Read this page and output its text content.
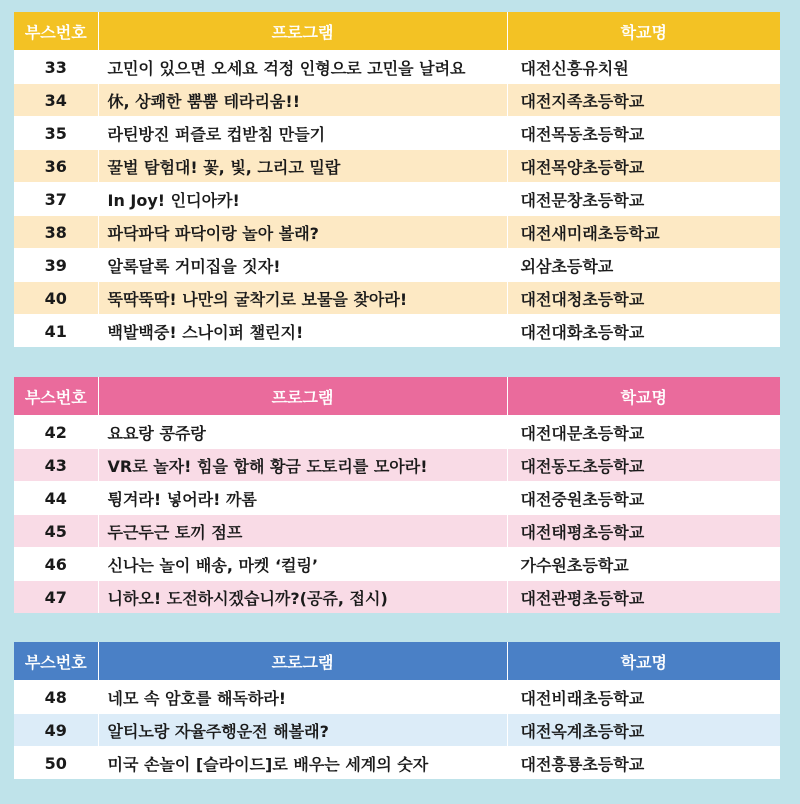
부스번호	프로그램	학교명
33	고민이 있으면 오세요 걱정 인형으로 고민을 날려요	대전신흥유치원
34	休, 상쾌한 뿜뿜 테라리움!!	대전지족초등학교
35	라틴방진 퍼즐로 컵받침 만들기	대전목동초등학교
36	꿀벌 탐험대! 꽃, 빛, 그리고 밀랍	대전목양초등학교
37	In Joy! 인디아카!	대전문창초등학교
38	파닥파닥 파닥이랑 놀아 볼래?	대전새미래초등학교
39	알록달록 거미집을 짓자!	외삼초등학교
40	뚝딱뚝딱! 나만의 굴착기로 보물을 찾아라!	대전대청초등학교
41	백발백중! 스나이퍼 챌린지!	대전대화초등학교
부스번호	프로그램	학교명
42	요요랑 콩쥬랑	대전대문초등학교
43	VR로 놀자! 힘을 합해 황금 도토리를 모아라!	대전동도초등학교
44	튕겨라! 넣어라! 까롬	대전중원초등학교
45	두근두근 토끼 점프	대전태평초등학교
46	신나는 놀이 배송, 마켓 ‘컬링’	가수원초등학교
47	니하오! 도전하시겠습니까?(공쥬, 접시)	대전관평초등학교
부스번호	프로그램	학교명
48	네모 속 암호를 해독하라!	대전비래초등학교
49	알티노랑 자율주행운전 해볼래?	대전옥계초등학교
50	미국 손놀이 [슬라이드]로 배우는 세계의 숫자	대전흥룡초등학교
